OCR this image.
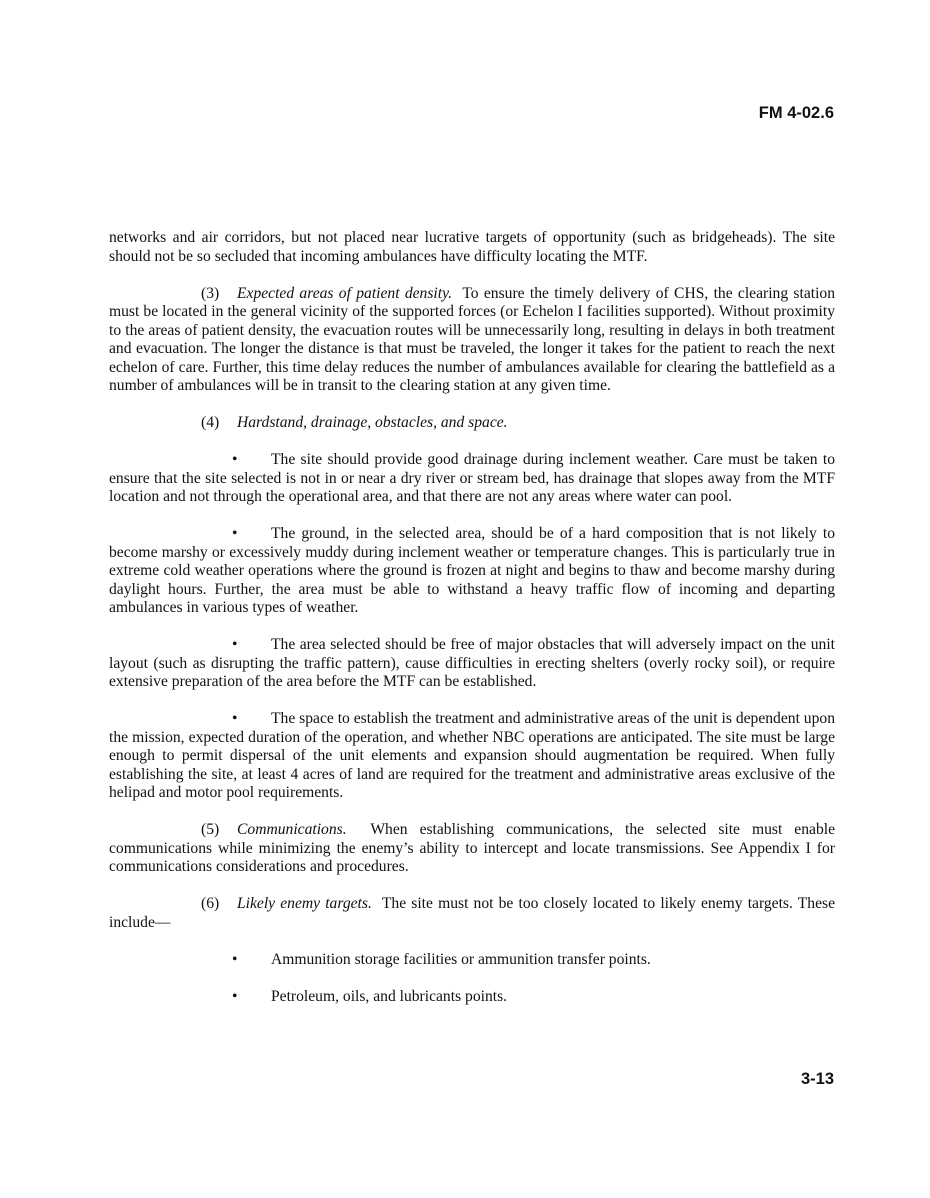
FM 4-02.6

networks and air corridors, but not placed near lucrative targets of opportunity (such as bridgeheads). The site should not be so secluded that incoming ambulances have difficulty locating the MTF.

(3) Expected areas of patient density. To ensure the timely delivery of CHS, the clearing station must be located in the general vicinity of the supported forces (or Echelon I facilities supported). Without proximity to the areas of patient density, the evacuation routes will be unnecessarily long, resulting in delays in both treatment and evacuation. The longer the distance is that must be traveled, the longer it takes for the patient to reach the next echelon of care. Further, this time delay reduces the number of ambulances available for clearing the battlefield as a number of ambulances will be in transit to the clearing station at any given time.

(4) Hardstand, drainage, obstacles, and space.

• The site should provide good drainage during inclement weather. Care must be taken to ensure that the site selected is not in or near a dry river or stream bed, has drainage that slopes away from the MTF location and not through the operational area, and that there are not any areas where water can pool.

• The ground, in the selected area, should be of a hard composition that is not likely to become marshy or excessively muddy during inclement weather or temperature changes. This is particularly true in extreme cold weather operations where the ground is frozen at night and begins to thaw and become marshy during daylight hours. Further, the area must be able to withstand a heavy traffic flow of incoming and departing ambulances in various types of weather.

• The area selected should be free of major obstacles that will adversely impact on the unit layout (such as disrupting the traffic pattern), cause difficulties in erecting shelters (overly rocky soil), or require extensive preparation of the area before the MTF can be established.

• The space to establish the treatment and administrative areas of the unit is dependent upon the mission, expected duration of the operation, and whether NBC operations are anticipated. The site must be large enough to permit dispersal of the unit elements and expansion should augmentation be required. When fully establishing the site, at least 4 acres of land are required for the treatment and administrative areas exclusive of the helipad and motor pool requirements.

(5) Communications. When establishing communications, the selected site must enable communications while minimizing the enemy’s ability to intercept and locate transmissions. See Appendix I for communications considerations and procedures.

(6) Likely enemy targets. The site must not be too closely located to likely enemy targets. These include—

• Ammunition storage facilities or ammunition transfer points.

• Petroleum, oils, and lubricants points.

3-13
